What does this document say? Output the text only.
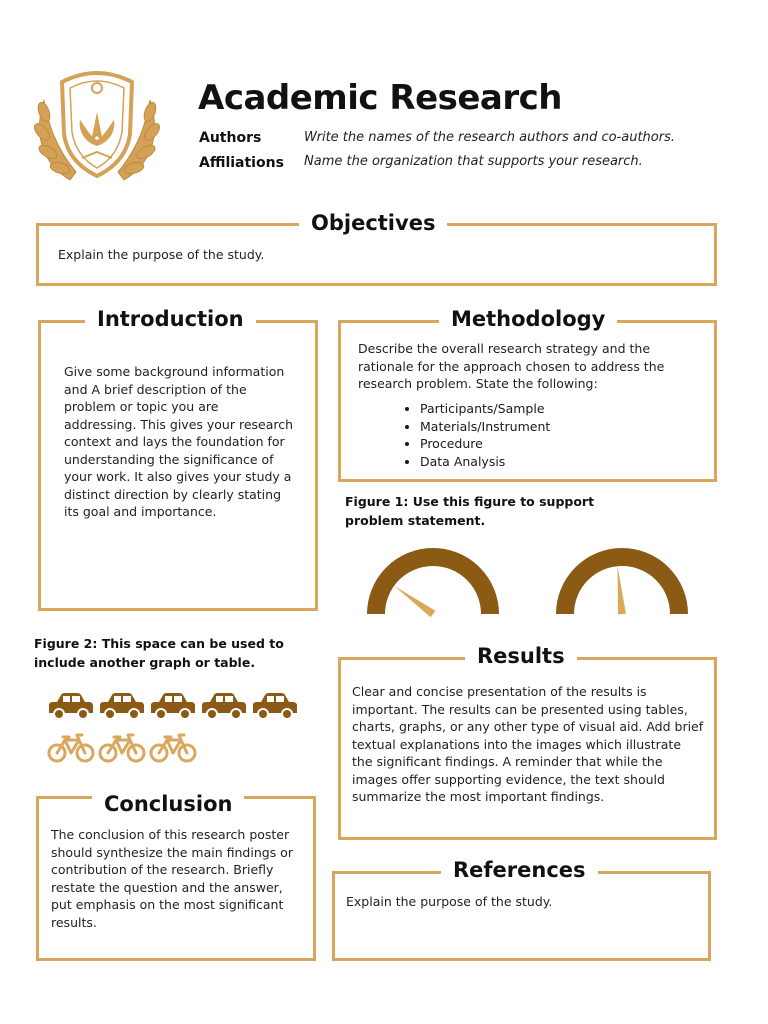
Academic Research
Authors	Write the names of the research authors and co-authors.
Affiliations Name the organization that supports your research.
Objectives
Explain the purpose of the study.
Introduction
Give some background information and A brief description of the problem or topic you are addressing. This gives your research context and lays the foundation for understanding the significance of your work. It also gives your study a distinct direction by clearly stating its goal and importance.
Methodology
Describe the overall research strategy and the rationale for the approach chosen to address the research problem. State the following:
• Participants/Sample
• Materials/Instrument
• Procedure
• Data Analysis
Figure 1: Use this figure to support problem statement.
Figure 2: This space can be used to include another graph or table.	Results
Clear and concise presentation of the results is important. The results can be presented using tables, charts, graphs, or any other type of visual aid. Add brief textual explanations into the images which illustrate the significant findings. A reminder that while the images offer supporting evidence, the text should summarize the most important findings.
Conclusion
The conclusion of this research poster should synthesize the main findings or contribution of the research. Briefly restate the question and the answer, put emphasis on the most significant results.
References
Explain the purpose of the study.
